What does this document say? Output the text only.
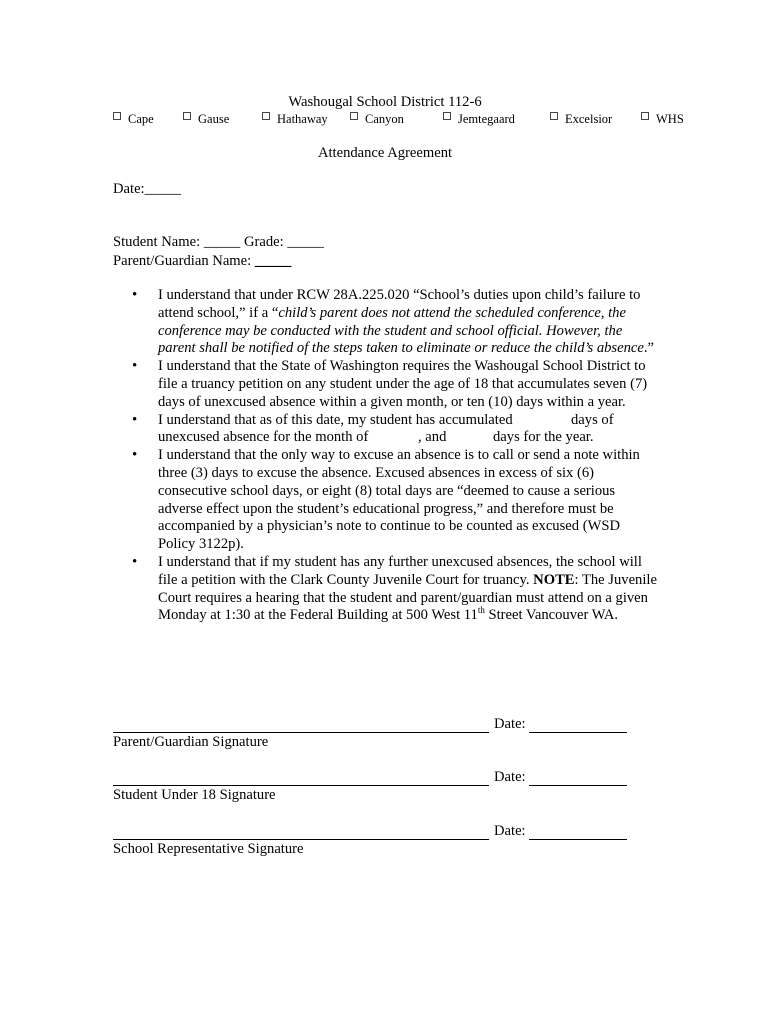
Washougal School District 112-6
Cape	Gause	Hathaway	Canyon	Jemtegaard	Excelsior	WHS
Attendance Agreement
Date:_____
Student Name: _____ Grade: _____
Parent/Guardian Name: _____
• I understand that under RCW 28A.225.020 “School’s duties upon child’s failure to attend school,” if a “child’s parent does not attend the scheduled conference, the conference may be conducted with the student and school official. However, the parent shall be notified of the steps taken to eliminate or reduce the child’s absence.”
• I understand that the State of Washington requires the Washougal School District to file a truancy petition on any student under the age of 18 that accumulates seven (7) days of unexcused absence within a given month, or ten (10) days within a year.
• I understand that as of this date, my student has accumulated	days of
unexcused absence for the month of	, and	days for the year.
• I understand that the only way to excuse an absence is to call or send a note within three (3) days to excuse the absence. Excused absences in excess of six (6) consecutive school days, or eight (8) total days are “deemed to cause a serious adverse effect upon the student’s educational progress,” and therefore must be accompanied by a physician’s note to continue to be counted as excused (WSD Policy 3122p).
• I understand that if my student has any further unexcused absences, the school will file a petition with the Clark County Juvenile Court for truancy. NOTE: The Juvenile Court requires a hearing that the student and parent/guardian must attend on a given Monday at 1:30 at the Federal Building at 500 West 11th Street Vancouver WA.
Date:
Parent/Guardian Signature
Date:
Student Under 18 Signature
Date:
School Representative Signature
